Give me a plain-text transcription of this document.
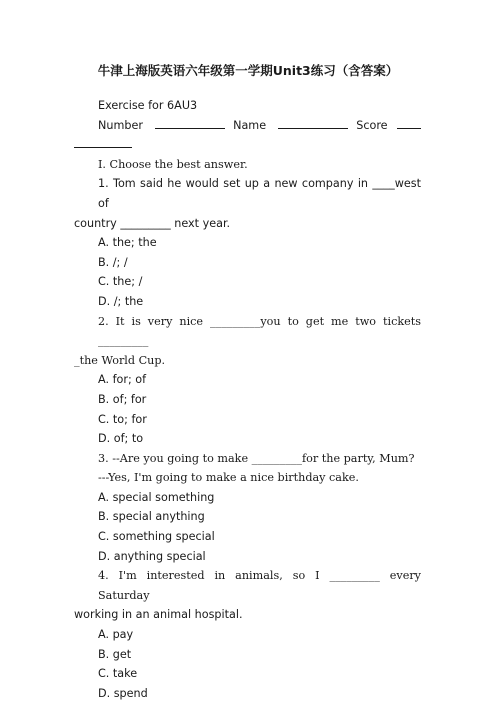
牛津上海版英语六年级第一学期Unit3练习（含答案）
Exercise for 6AU3
Number	Name	Score
I. Choose the best answer.
1. Tom said he would set up a new company in ____west of
country _________ next year.
A. the; the
B. /; /
C. the; /
D. /; the
2. It is very nice _________you to get me two tickets _________
_the World Cup.
A. for; of
B. of; for
C. to; for
D. of; to
3. --Are you going to make _________for the party, Mum?
---Yes, I'm going to make a nice birthday cake.
A. special something
B. special anything
C. something special
D. anything special
4. I'm interested in animals, so I _________ every Saturday
working in an animal hospital.
A. pay
B. get
C. take
D. spend
